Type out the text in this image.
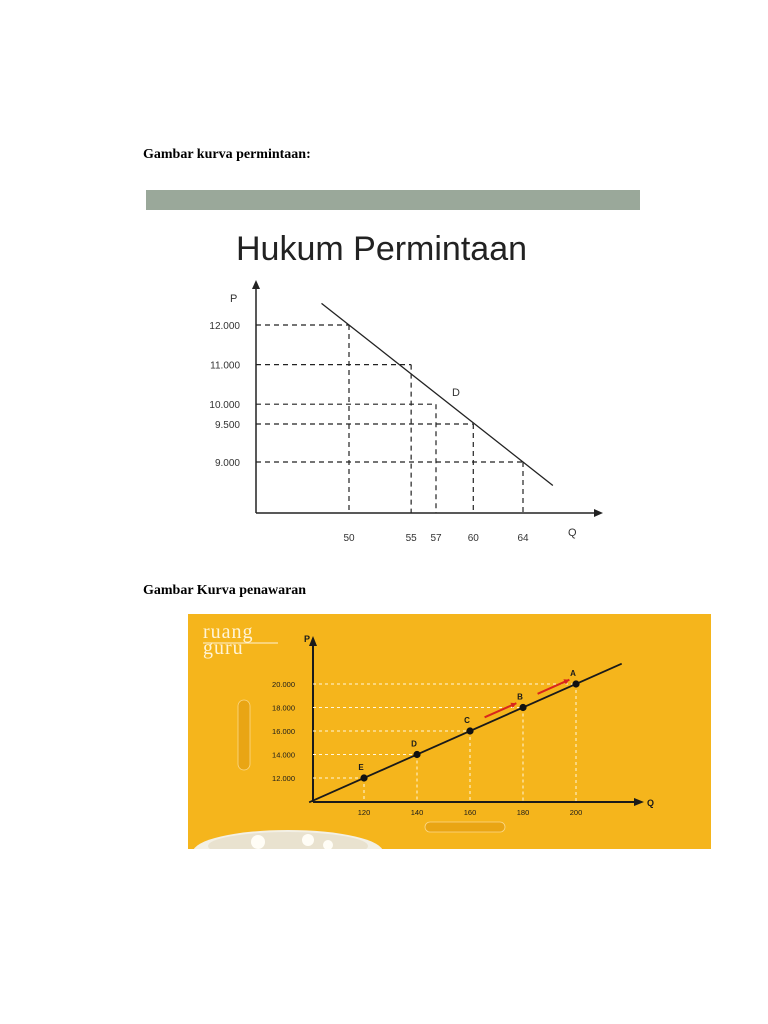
Gambar kurva permintaan:
Hukum Permintaan
P
Q
D
12.000
11.000
10.000
9.500
9.000
50	55 57	60	64
Gambar Kurva penawaran
ruang
guru	P
Q
E
D
C
B
A
12.000
14.000
16.000
18.000
20.000
120	140	160	180	200
